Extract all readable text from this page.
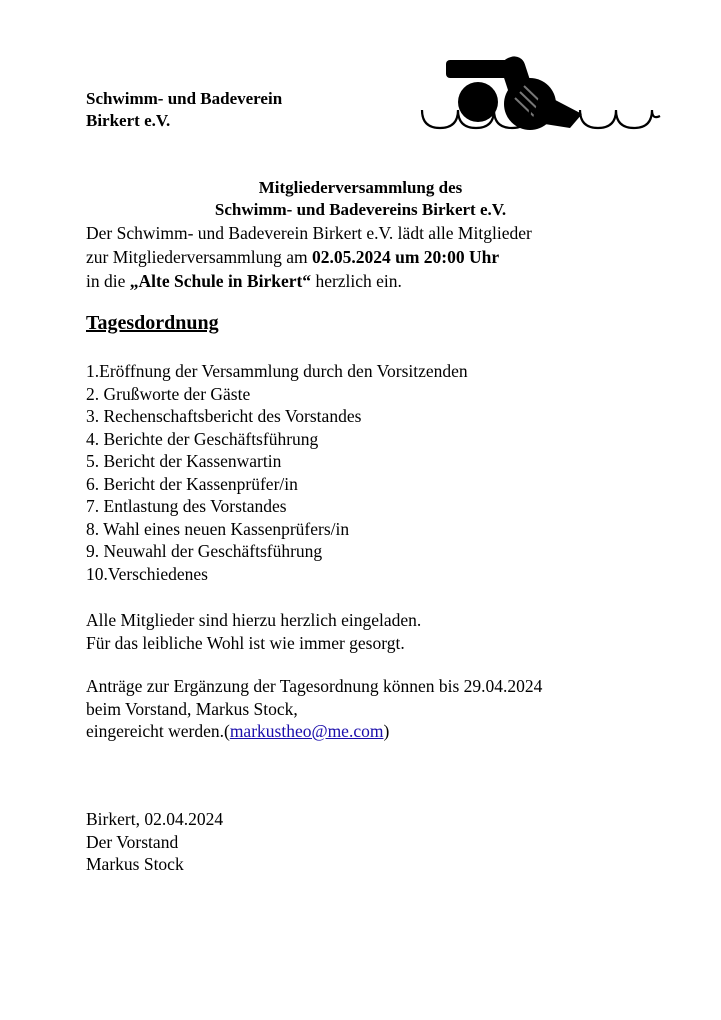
Schwimm- und Badeverein
Birkert e.V.
Mitgliederversammlung des
Schwimm- und Badevereins Birkert e.V.
Der Schwimm- und Badeverein Birkert e.V. lädt alle Mitglieder
zur Mitgliederversammlung am 02.05.2024 um 20:00 Uhr
in die „Alte Schule in Birkert“ herzlich ein.
Tagesdordnung
1.Eröffnung der Versammlung durch den Vorsitzenden
2. Grußworte der Gäste
3. Rechenschaftsbericht des Vorstandes
4. Berichte der Geschäftsführung
5. Bericht der Kassenwartin
6. Bericht der Kassenprüfer/in
7. Entlastung des Vorstandes
8. Wahl eines neuen Kassenprüfers/in
9. Neuwahl der Geschäftsführung
10.Verschiedenes
Alle Mitglieder sind hierzu herzlich eingeladen.
Für das leibliche Wohl ist wie immer gesorgt.
Anträge zur Ergänzung der Tagesordnung können bis 29.04.2024
beim Vorstand, Markus Stock,
eingereicht werden.(markustheo@me.com)
Birkert, 02.04.2024
Der Vorstand
Markus Stock
